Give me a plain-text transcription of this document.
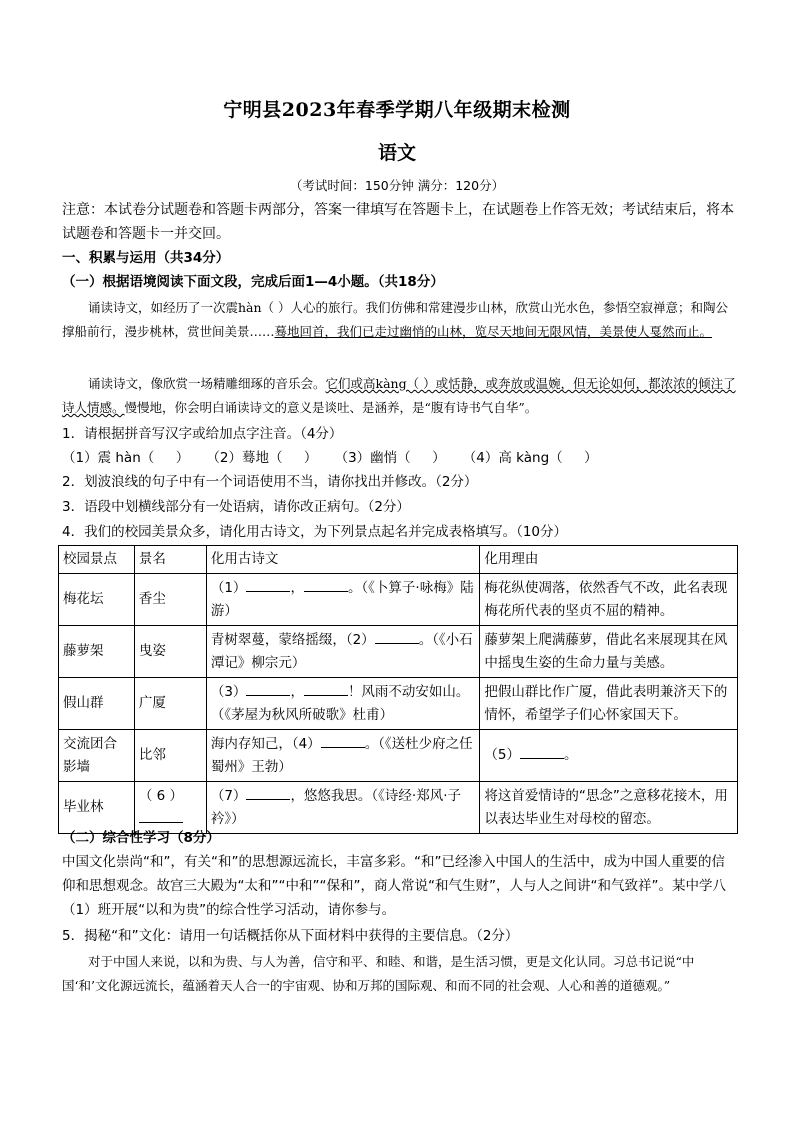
宁明县2023年春季学期八年级期末检测
语文
（考试时间：150分钟 满分：120分）
注意：本试卷分试题卷和答题卡两部分，答案一律填写在答题卡上，在试题卷上作答无效；考试结束后，将本试题卷和答题卡一并交回。
一、积累与运用（共34分）
（一）根据语境阅读下面文段，完成后面1—4小题。（共18分）
诵读诗文，如经历了一次震hàn（ ）人心的旅行。我们仿佛和常建漫步山林，欣赏山光水色，参悟空寂禅意；和陶公撑船前行，漫步桃林，赏世间美景……蓦地回首，我们已走过幽悄的山林，览尽天地间无限风情，美景使人戛然而止。
诵读诗文，像欣赏一场精雕细琢的音乐会。它们或高kàng（ ）或恬静，或奔放或温婉，但无论如何，都浓浓的倾注了诗人情感。慢慢地，你会明白诵读诗文的意义是谈吐、是涵养，是“腹有诗书气自华”。
1．请根据拼音写汉字或给加点字注音。（4分）
（1）震 hàn（     ）    （2）蓦地（     ）    （3）幽悄（     ）    （4）高 kàng（     ）
2．划波浪线的句子中有一个词语使用不当，请你找出并修改。（2分）
3．语段中划横线部分有一处语病，请你改正病句。（2分）
4．我们的校园美景众多，请化用古诗文，为下列景点起名并完成表格填写。（10分）
校园景点	景名	化用古诗文	化用理由
梅花坛	香尘	（1） ， 。（《卜算子·咏梅》陆游）	梅花纵使凋落，依然香气不改，此名表现梅花所代表的坚贞不屈的精神。
藤萝架	曳姿	青树翠蔓，蒙络摇缀，（2） 。（《小石潭记》柳宗元）	藤萝架上爬满藤萝，借此名来展现其在风中摇曳生姿的生命力量与美感。
假山群	广厦	（3） ， ！风雨不动安如山。（《茅屋为秋风所破歌》杜甫）	把假山群比作广厦，借此表明兼济天下的情怀，希望学子们心怀家国天下。
交流团合影墙	比邻	海内存知己，（4） 。（《送杜少府之任蜀州》王勃）	（5） 。
毕业林	（ 6 ）	（7） ，悠悠我思。（《诗经·郑风·子衿》）	将这首爱情诗的“思念”之意移花接木，用以表达毕业生对母校的留恋。
（二）综合性学习（8分）
中国文化崇尚“和”，有关“和”的思想源远流长，丰富多彩。“和”已经渗入中国人的生活中，成为中国人重要的信仰和思想观念。故宫三大殿为“太和”“中和”“保和”，商人常说“和气生财”，人与人之间讲“和气致祥”。某中学八（1）班开展“以和为贵”的综合性学习活动，请你参与。
5．揭秘“和”文化：请用一句话概括你从下面材料中获得的主要信息。（2分）
对于中国人来说，以和为贵、与人为善，信守和平、和睦、和谐，是生活习惯，更是文化认同。习总书记说“中国‘和’文化源远流长，蕴涵着天人合一的宇宙观、协和万邦的国际观、和而不同的社会观、人心和善的道德观。”
